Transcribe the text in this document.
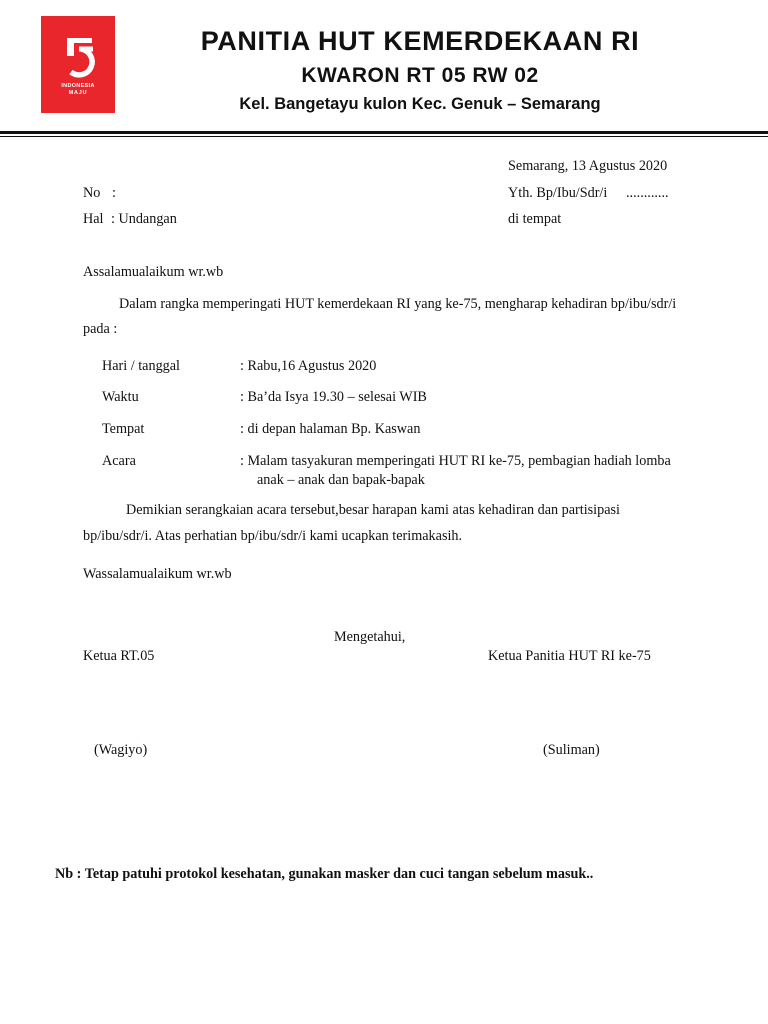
INDONESIA
MAJU
PANITIA HUT KEMERDEKAAN RI
KWARON RT 05 RW 02
Kel. Bangetayu kulon Kec. Genuk – Semarang
Semarang, 13 Agustus 2020
No :
Hal : Undangan
Yth. Bp/Ibu/Sdr/i ............
di tempat
Assalamualaikum wr.wb
Dalam rangka memperingati HUT kemerdekaan RI yang ke-75, mengharap kehadiran bp/ibu/sdr/i
pada :
Hari / tanggal	: Rabu,16 Agustus 2020
Waktu	: Ba’da Isya 19.30 – selesai WIB
Tempat	: di depan halaman Bp. Kaswan
Acara	: Malam tasyakuran memperingati HUT RI ke-75, pembagian hadiah lomba
anak – anak dan bapak-bapak
Demikian serangkaian acara tersebut,besar harapan kami atas kehadiran dan partisipasi
bp/ibu/sdr/i. Atas perhatian bp/ibu/sdr/i kami ucapkan terimakasih.
Wassalamualaikum wr.wb
Mengetahui,
Ketua RT.05	Ketua Panitia HUT RI ke-75
(Wagiyo)	(Suliman)
Nb : Tetap patuhi protokol kesehatan, gunakan masker dan cuci tangan sebelum masuk..
